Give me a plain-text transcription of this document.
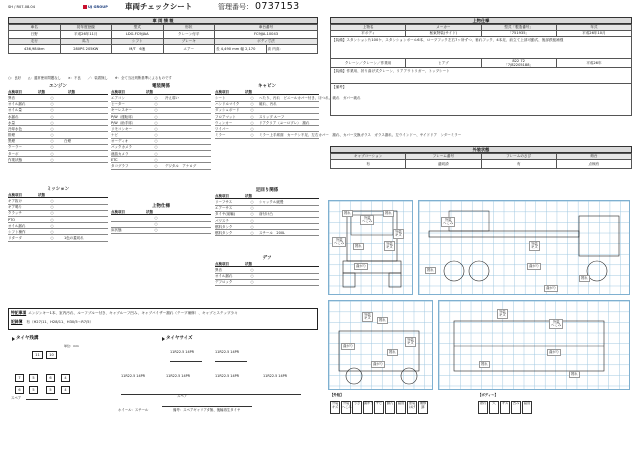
SH / R07.08.04	UJ GROUP 車両チェックシート	管理番号： 0737153
車 両 情 報
車名	初年度登録	型式	形状	車台番号	
日野	平成26年11月	LDG-FC9JJAA	クレーン付平	FC9JJA-10043	
走行	馬力	シフト	ブレーキ	ボディ寸法	
436,984km	280PS 205KW	M/T　6速	エアー	長 4,490 mm 幅 2,170	高 内高：
○：良好　　△：通常使用問題なし　　×：不良　　／：装着無し　　※：全て当社判断基準によるものです
エンジン
点検項目	状態	状態
異音	○
オイル漏れ	○
オイル量	○
水漏れ	○
水量	○
冷却水色	○
排煙	○
黒煙	○	白煙
クーラー	○
ターボ	○
作業状態	○
ミッション
点検項目	状態
ギア抜け	○
ギア鳴り	○
クラッチ	○
PTO	○
オイル漏れ	○
シフト操作	○
リターダ	○	1色の蓋切れ
電装関係
点検項目	状態
エアコン	○	冷え弱い
ヒーター	○
キーレスキー	○
P/W（運転席）	○
P/W（助手席）	○
リモコンキー	○
ナビ	○
オーディオ	○
バックカメラ	○
液晶カメラ	○
ETC	○
タコグラフ	○	デジタル　アナログ
上物仕様
点検項目	状態
○
○
床状態	○
キャビン
点検項目	状態
シート	○	へたり、汚れ　ビニールカバー付き、ほつれ、破れ　ガバー破れ
ハンドルマイク	○	破れ、汚れ
ダッシュボード	○
フロアマット	○	スリップ ルーフ
ウィンカー	○	ドアクリア（ユーロプレ）　割れ
ワイパー	○
ミラー	○	ミラー上手席面　カーテン不足、左右カバー　割れ、カバー交換ガラス　ガラス割れ、左ウインドー、サイドドア　ンダーミラー
足回り関係
点検項目	状態
リーフサス	○	シャックル緩慢
エアーサス	○
タイヤ(前輪)	○	前付け凸
パワステ	○
燃料タンク	○
燃料タンク	○	スチール　200L
デフ
点検項目	状態
異音	○
オイル漏れ	○
デフロック	○
特記事項 エンジンキー1本、室内汚れ、ルーフブルー付き、キャブルーフ凹み、キャブバイザー割れ（テープ補修）、キャブとステップ少々
記録簿 有（H27/11、H28/11、H30/5〜R7/5）
タイヤ残溝
単位：mm
11	10
7	5	6	4
6	5	5	4
スペア
タイヤサイズ
11R22.5 14PR	11R22.5 14PR
11R22.5 14PR	11R22.5 14PR	11R22.5 14PR	11R22.5 14PR
スペア
ホイール：スチール	備考：スペアギャリアタ無、後輪再生タイヤ
上物仕様
上物名	メーカー	型式「製造番号」	年式
平ボディ	極東特装(サイド)	「751935」	平成26年10月
【装備】スタンション片100ケ、スタンションポール6本、ロープフック左右7ヶ所ずつ、垂れフック、4本足、前立て上部可動式、後部鉄板補強			
クレーン／クレーン／作業用	ヒアブ	822 72
「7/82205188」	平成26年
【装備】作業用、折り曲げ式クレーン、リアアウトリガー、トップシート			
【備考】			
外装状態
キャブコーション	フレーム番号	フレームのさび	荷台
有	適切済	有	点検有
擦れ
外装
へこみ
擦れ
外装
へこみ
擦れ
外装
キズ
外装
キズ
曲がり
外装
へこみ
擦れ
外装
キズ
曲がり
曲がり
擦れ
外装
キズ	擦れ
曲がり
擦れ
曲がり
外装
キズ
外装
キズ
外装
へこみ
曲がり
擦れ
擦れ
【外装】
外装
キズ
外装
へこみ
うき	曲がり サビ	錆穴	腐食	塗装
はげ
補修
跡
【ボディー】
擦れ	穴	キズ	凹み	腐食
